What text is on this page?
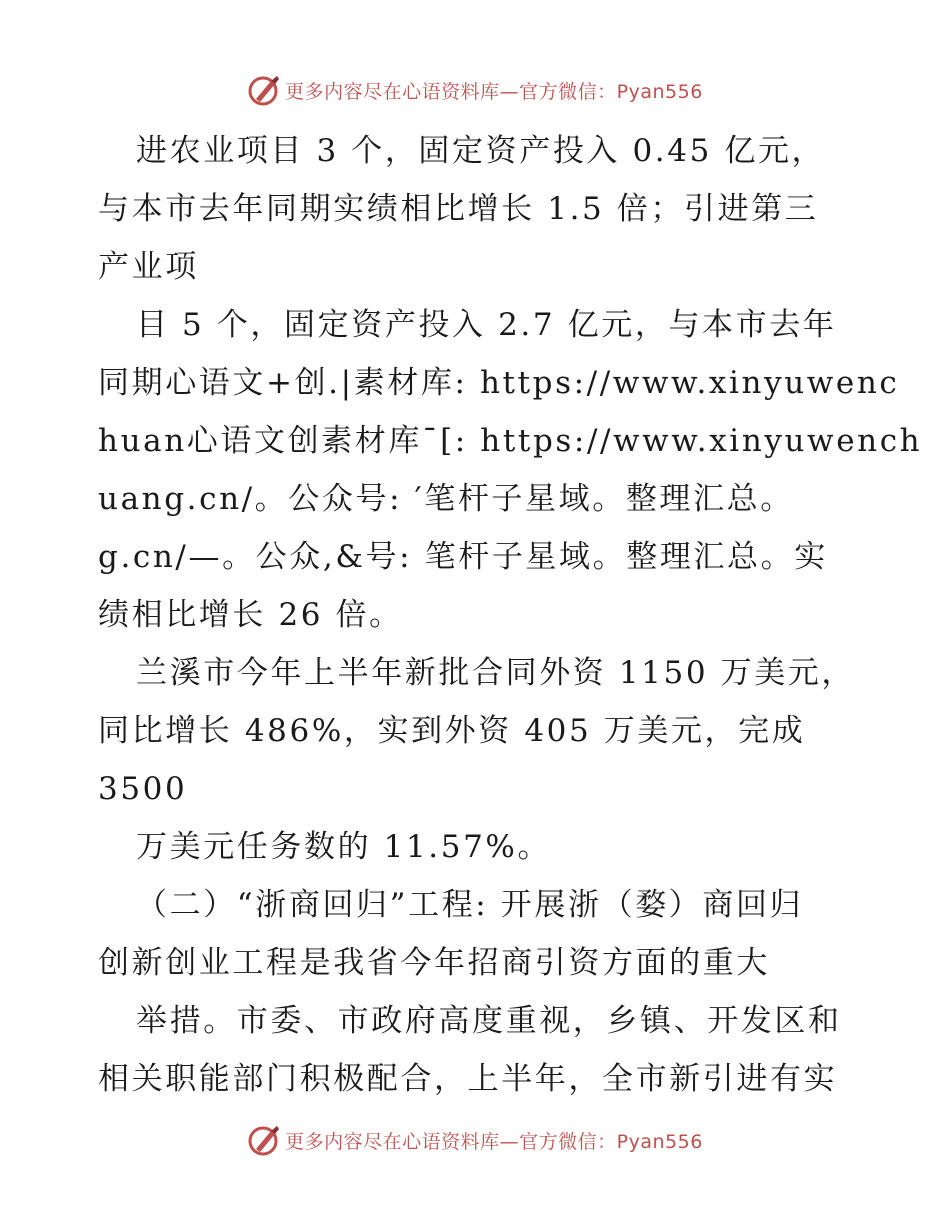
更多内容尽在心语资料库—官方微信：Pyan556
进农业项目 3 个，固定资产投入 0.45 亿元，
与本市去年同期实绩相比增长 1.5 倍；引进第三
产业项
目 5 个，固定资产投入 2.7 亿元，与本市去年
同期心语文+创.|素材库: https://www.xinyuwenc
huan心语文创素材库¯[: https://www.xinyuwench
uang.cn/。公众号: ′笔杆子星域。整理汇总。
g.cn/—。公众,&号: 笔杆子星域。整理汇总。实
绩相比增长 26 倍。
兰溪市今年上半年新批合同外资 1150 万美元，
同比增长 486%，实到外资 405 万美元，完成
3500
万美元任务数的 11.57%。
（二）“浙商回归”工程: 开展浙（婺）商回归
创新创业工程是我省今年招商引资方面的重大
举措。市委、市政府高度重视，乡镇、开发区和
相关职能部门积极配合，上半年，全市新引进有实
更多内容尽在心语资料库—官方微信：Pyan556
